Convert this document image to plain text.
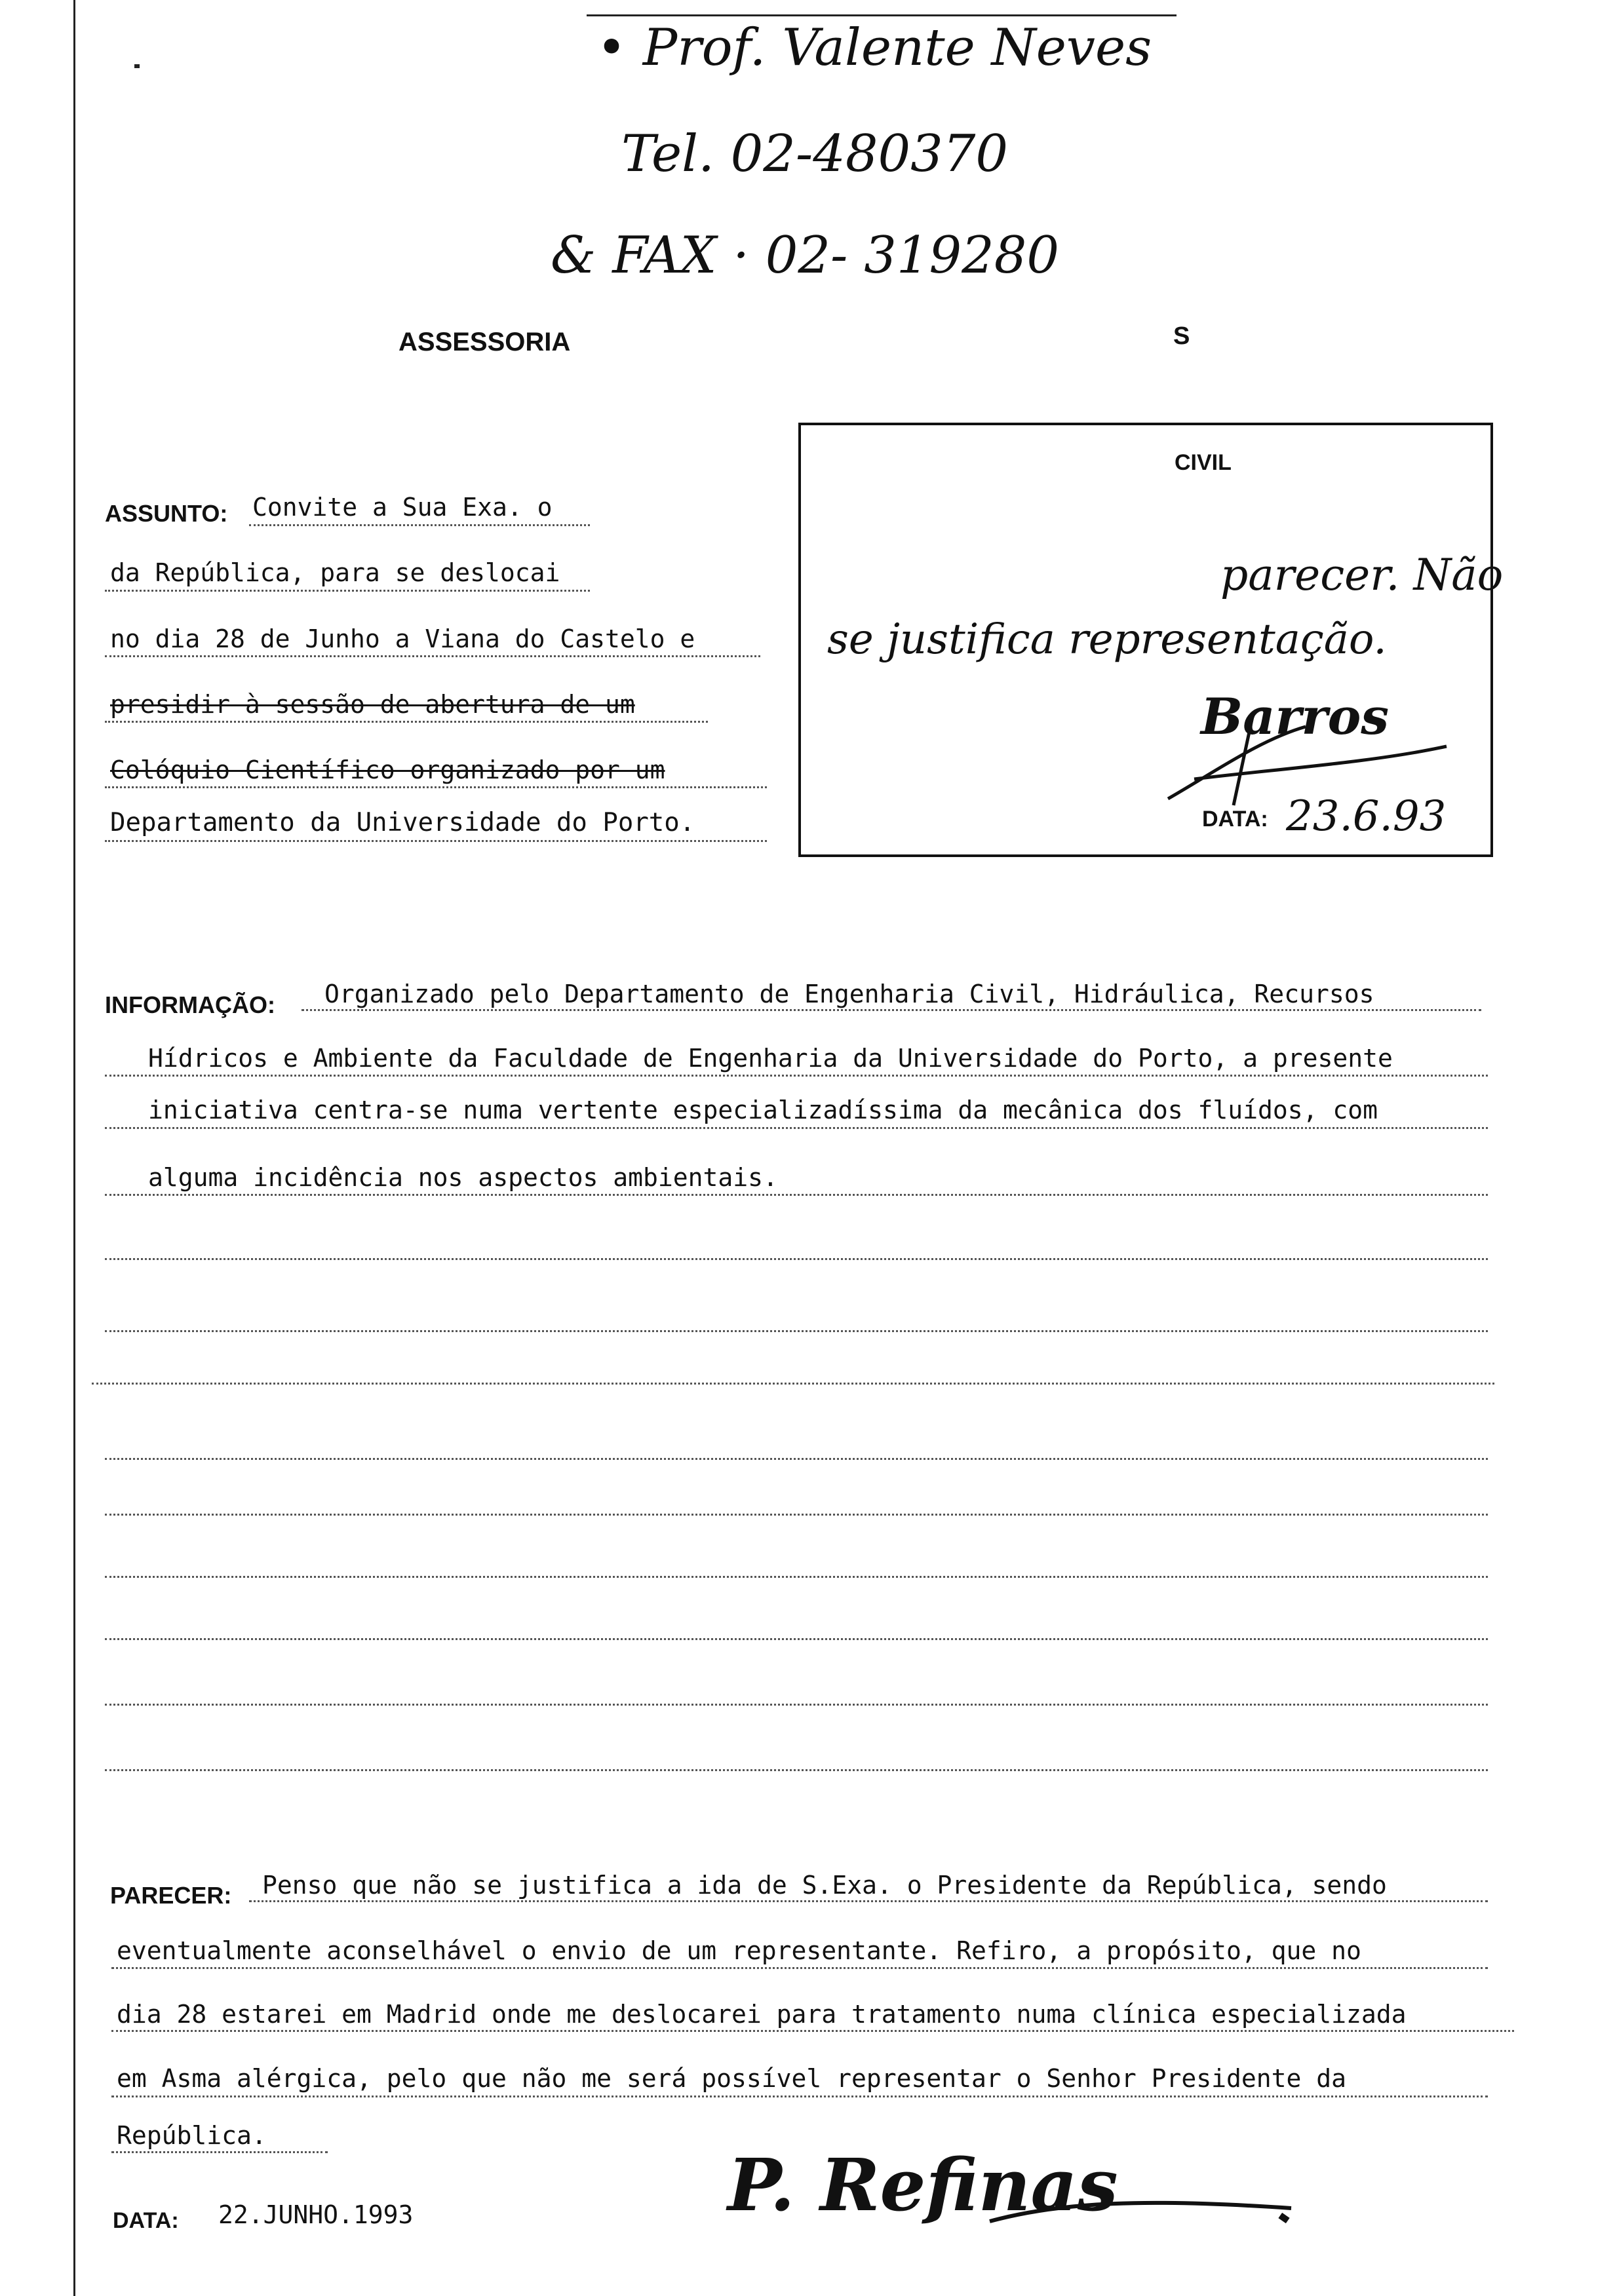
• Prof. Valente Neves
Tel. 02-480370
& FAX · 02- 319280
ASSESSORIA	S
CIVIL
parecer. Não
se justifica representação.
Barros
DATA: 23.6.93
ASSUNTO: Convite a Sua Exa. o
da República, para se deslocai
no dia 28 de Junho a Viana do Castelo e
presidir à sessão de abertura de um
Colóquio Científico organizado por um
Departamento da Universidade do Porto.
INFORMAÇÃO: Organizado pelo Departamento de Engenharia Civil, Hidráulica, Recursos
Hídricos e Ambiente da Faculdade de Engenharia da Universidade do Porto, a presente
iniciativa centra-se numa vertente especializadíssima da mecânica dos fluídos, com
alguma incidência nos aspectos ambientais.
PARECER: Penso que não se justifica a ida de S.Exa. o Presidente da República, sendo
eventualmente aconselhável o envio de um representante. Refiro, a propósito, que no
dia 28 estarei em Madrid onde me deslocarei para tratamento numa clínica especializada
em Asma alérgica, pelo que não me será possível representar o Senhor Presidente da
República.
DATA: 22.JUNHO.1993	P. Refinas
